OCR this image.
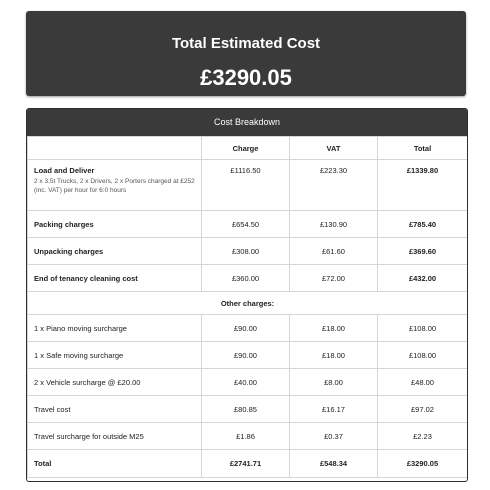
Total Estimated Cost
£3290.05
Cost Breakdown
	Charge	VAT	Total

Load and Deliver
2 x 3.5t Trucks, 2 x Drivers, 2 x Porters charged at £252 (inc. VAT) per hour for 6:0 hours	£1116.50	£223.30	£1339.80
Packing charges	£654.50	£130.90	£785.40
Unpacking charges	£308.00	£61.60	£369.60
End of tenancy cleaning cost	£360.00	£72.00	£432.00
Other charges:			
1 x Piano moving surcharge	£90.00	£18.00	£108.00
1 x Safe moving surcharge	£90.00	£18.00	£108.00
2 x Vehicle surcharge @ £20.00	£40.00	£8.00	£48.00
Travel cost	£80.85	£16.17	£97.02
Travel surcharge for outside M25	£1.86	£0.37	£2.23
Total	£2741.71	£548.34	£3290.05
